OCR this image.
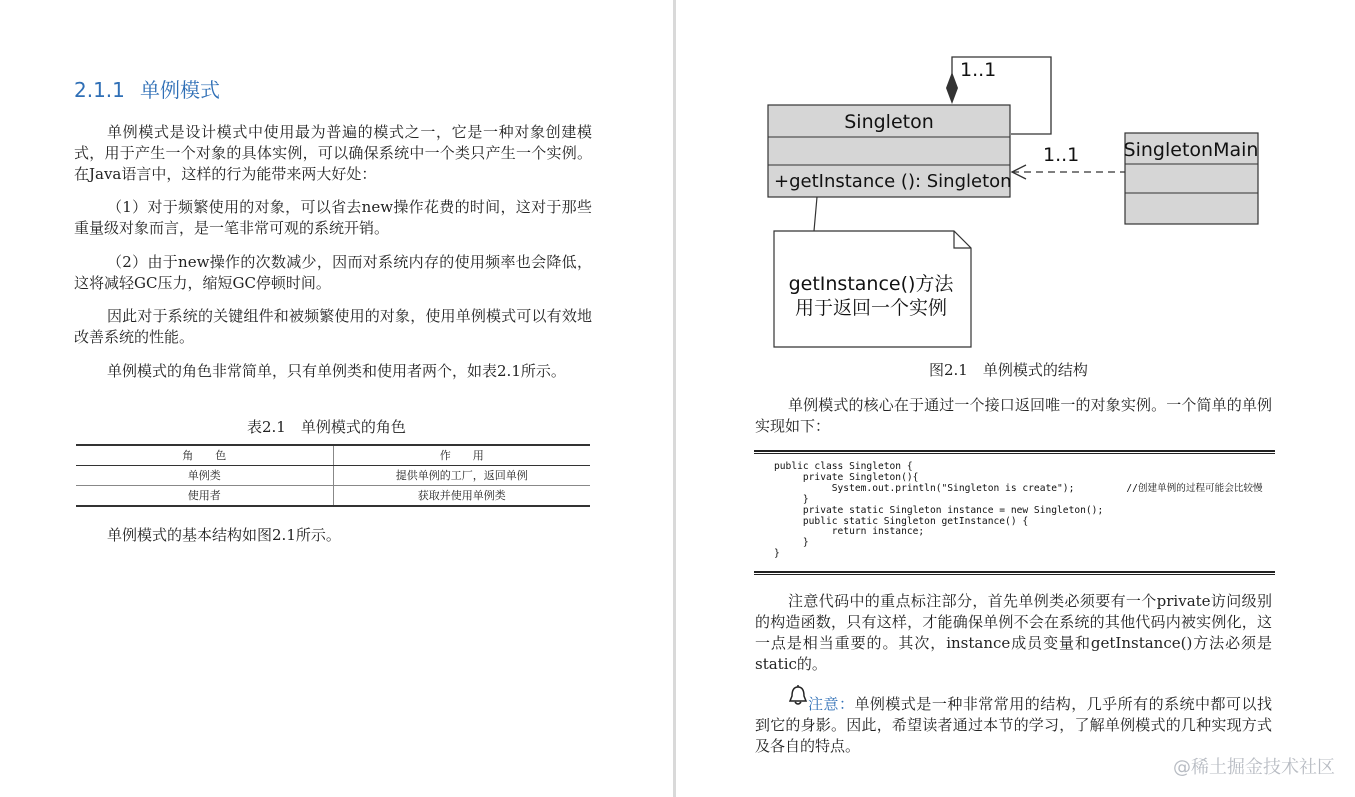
2.1.1 单例模式

单例模式是设计模式中使用最为普遍的模式之一，它是一种对象创建模式，用于产生一个对象的具体实例，可以确保系统中一个类只产生一个实例。在Java语言中，这样的行为能带来两大好处：

（1）对于频繁使用的对象，可以省去new操作花费的时间，这对于那些重量级对象而言，是一笔非常可观的系统开销。

（2）由于new操作的次数减少，因而对系统内存的使用频率也会降低，这将减轻GC压力，缩短GC停顿时间。

因此对于系统的关键组件和被频繁使用的对象，使用单例模式可以有效地改善系统的性能。

单例模式的角色非常简单，只有单例类和使用者两个，如表2.1所示。

表2.1　单例模式的角色
角　　色	作　　用
单例类	提供单例的工厂，返回单例
使用者	获取并使用单例类

单例模式的基本结构如图2.1所示。

1..1
Singleton
+getInstance (): Singleton
SingletonMain
1..1
getInstance()方法
用于返回一个实例
图2.1　单例模式的结构

单例模式的核心在于通过一个接口返回唯一的对象实例。一个简单的单例实现如下：

public class Singleton {
private Singleton(){
System.out.println("Singleton is create");         //创建单例的过程可能会比较慢
}
private static Singleton instance = new Singleton();
public static Singleton getInstance() {
return instance;
}
}

注意代码中的重点标注部分，首先单例类必须要有一个private访问级别的构造函数，只有这样，才能确保单例不会在系统的其他代码内被实例化，这一点是相当重要的。其次，instance成员变量和getInstance()方法必须是static的。

注意：单例模式是一种非常常用的结构，几乎所有的系统中都可以找到它的身影。因此，希望读者通过本节的学习，了解单例模式的几种实现方式及各自的特点。

@稀土掘金技术社区
